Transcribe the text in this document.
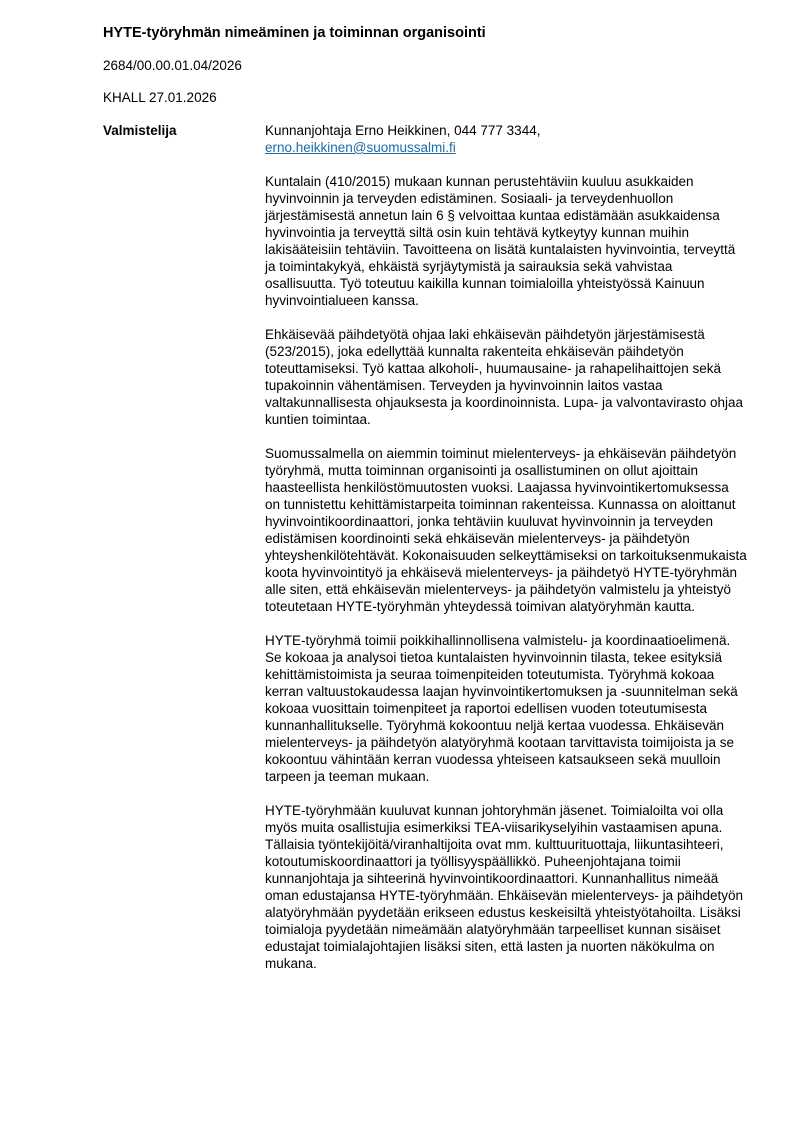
HYTE-työryhmän nimeäminen ja toiminnan organisointi
2684/00.00.01.04/2026
KHALL 27.01.2026
Valmistelija	Kunnanjohtaja Erno Heikkinen, 044 777 3344,
erno.heikkinen@suomussalmi.fi

Kuntalain (410/2015) mukaan kunnan perustehtäviin kuuluu asukkaiden hyvinvoinnin ja terveyden edistäminen. Sosiaali- ja terveydenhuollon järjestämisestä annetun lain 6 § velvoittaa kuntaa edistämään asukkaidensa hyvinvointia ja terveyttä siltä osin kuin tehtävä kytkeytyy kunnan muihin lakisääteisiin tehtäviin. Tavoitteena on lisätä kuntalaisten hyvinvointia, terveyttä ja toimintakykyä, ehkäistä syrjäytymistä ja sairauksia sekä vahvistaa osallisuutta. Työ toteutuu kaikilla kunnan toimialoilla yhteistyössä Kainuun hyvinvointialueen kanssa.

Ehkäisevää päihdetyötä ohjaa laki ehkäisevän päihdetyön järjestämisestä (523/2015), joka edellyttää kunnalta rakenteita ehkäisevän päihdetyön toteuttamiseksi. Työ kattaa alkoholi-, huumausaine- ja rahapelihaittojen sekä tupakoinnin vähentämisen. Terveyden ja hyvinvoinnin laitos vastaa valtakunnallisesta ohjauksesta ja koordinoinnista. Lupa- ja valvontavirasto ohjaa kuntien toimintaa.

Suomussalmella on aiemmin toiminut mielenterveys- ja ehkäisevän päihdetyön työryhmä, mutta toiminnan organisointi ja osallistuminen on ollut ajoittain haasteellista henkilöstömuutosten vuoksi. Laajassa hyvinvointikertomuksessa on tunnistettu kehittämistarpeita toiminnan rakenteissa. Kunnassa on aloittanut hyvinvointikoordinaattori, jonka tehtäviin kuuluvat hyvinvoinnin ja terveyden edistämisen koordinointi sekä ehkäisevän mielenterveys- ja päihdetyön yhteyshenkilötehtävät. Kokonaisuuden selkeyttämiseksi on tarkoituksenmukaista koota hyvinvointityö ja ehkäisevä mielenterveys- ja päihdetyö HYTE-työryhmän alle siten, että ehkäisevän mielenterveys- ja päihdetyön valmistelu ja yhteistyö toteutetaan HYTE-työryhmän yhteydessä toimivan alatyöryhmän kautta.

HYTE-työryhmä toimii poikkihallinnollisena valmistelu- ja koordinaatioelimenä. Se kokoaa ja analysoi tietoa kuntalaisten hyvinvoinnin tilasta, tekee esityksiä kehittämistoimista ja seuraa toimenpiteiden toteutumista. Työryhmä kokoaa kerran valtuustokaudessa laajan hyvinvointikertomuksen ja -suunnitelman sekä kokoaa vuosittain toimenpiteet ja raportoi edellisen vuoden toteutumisesta kunnanhallitukselle. Työryhmä kokoontuu neljä kertaa vuodessa. Ehkäisevän mielenterveys- ja päihdetyön alatyöryhmä kootaan tarvittavista toimijoista ja se kokoontuu vähintään kerran vuodessa yhteiseen katsaukseen sekä muulloin tarpeen ja teeman mukaan.

HYTE-työryhmään kuuluvat kunnan johtoryhmän jäsenet. Toimialoilta voi olla myös muita osallistujia esimerkiksi TEA-viisarikyselyihin vastaamisen apuna. Tällaisia työntekijöitä/viranhaltijoita ovat mm. kulttuurituottaja, liikuntasihteeri, kotoutumiskoordinaattori ja työllisyyspäällikkö. Puheenjohtajana toimii kunnanjohtaja ja sihteerinä hyvinvointikoordinaattori. Kunnanhallitus nimeää oman edustajansa HYTE-työryhmään. Ehkäisevän mielenterveys- ja päihdetyön alatyöryhmään pyydetään erikseen edustus keskeisiltä yhteistyötahoilta. Lisäksi toimialoja pyydetään nimeämään alatyöryhmään tarpeelliset kunnan sisäiset edustajat toimialajohtajien lisäksi siten, että lasten ja nuorten näkökulma on mukana.
